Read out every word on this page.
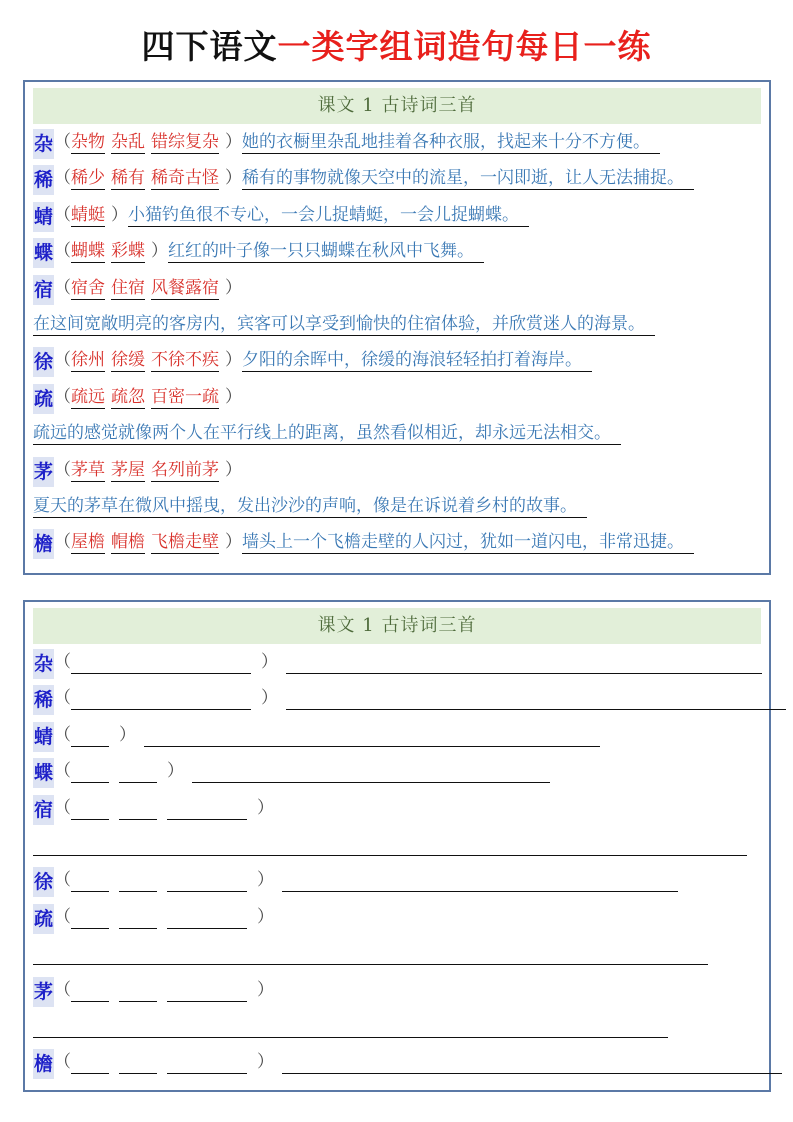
四下语文一类字组词造句每日一练
课文 1 古诗词三首
杂（杂物 杂乱 错综复杂 ）她的衣橱里杂乱地挂着各种衣服，找起来十分不方便。
稀（稀少 稀有 稀奇古怪 ）稀有的事物就像天空中的流星，一闪即逝，让人无法捕捉。
蜻（蜻蜓 ）小猫钓鱼很不专心，一会儿捉蜻蜓，一会儿捉蝴蝶。
蝶（蝴蝶 彩蝶 ）红红的叶子像一只只蝴蝶在秋风中飞舞。
宿（宿舍 住宿 风餐露宿 ）
在这间宽敞明亮的客房内，宾客可以享受到愉快的住宿体验，并欣赏迷人的海景。
徐（徐州 徐缓 不徐不疾 ）夕阳的余晖中，徐缓的海浪轻轻拍打着海岸。
疏（疏远 疏忽 百密一疏 ）
疏远的感觉就像两个人在平行线上的距离，虽然看似相近，却永远无法相交。
茅（茅草 茅屋 名列前茅 ）
夏天的茅草在微风中摇曳，发出沙沙的声响，像是在诉说着乡村的故事。
檐（屋檐 帽檐 飞檐走壁 ）墙头上一个飞檐走壁的人闪过，犹如一道闪电，非常迅捷。
课文 1 古诗词三首
杂（	）
稀（	）
蜻（	）
蝶（	）
宿（	）
徐（	）
疏（	）
茅（	）
檐（	）
